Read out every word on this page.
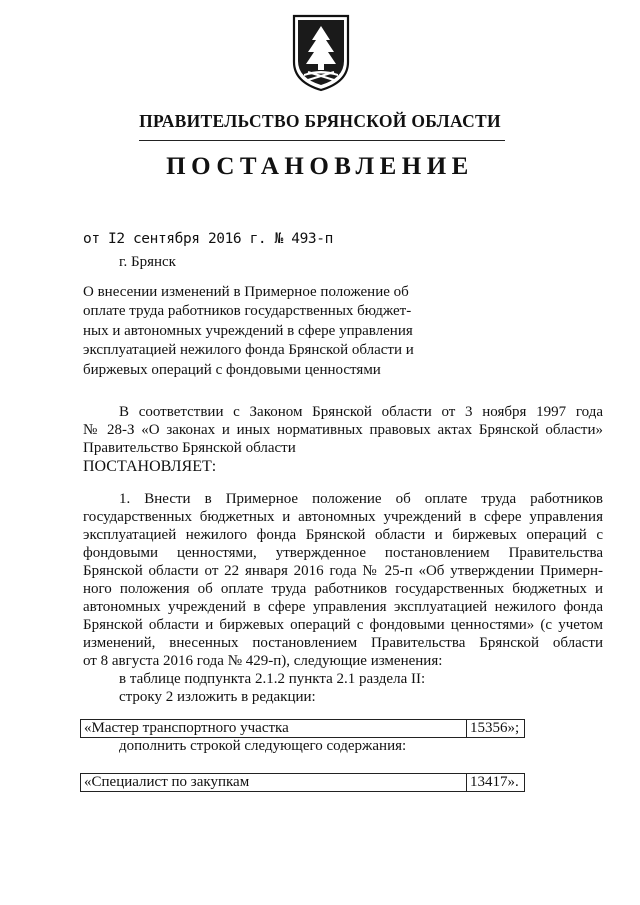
ПРАВИТЕЛЬСТВО БРЯНСКОЙ ОБЛАСТИ
ПОСТАНОВЛЕНИЕ
от I2 сентября 2016 г. № 493-п
г. Брянск
О внесении изменений в Примерное положение об
оплате труда работников государственных бюджет-
ных и автономных учреждений в сфере управления
эксплуатацией нежилого фонда Брянской области и
биржевых операций с фондовыми ценностями
В соответствии с Законом Брянской области от 3 ноября 1997 года
№ 28-З «О законах и иных нормативных правовых актах Брянской области»
Правительство Брянской области
ПОСТАНОВЛЯЕТ:
1. Внести в Примерное положение об оплате труда работников
государственных бюджетных и автономных учреждений в сфере управления
эксплуатацией нежилого фонда Брянской области и биржевых операций с
фондовыми ценностями, утвержденное постановлением Правительства
Брянской области от 22 января 2016 года № 25-п «Об утверждении Примерн-
ного положения об оплате труда работников государственных бюджетных и
автономных учреждений в сфере управления эксплуатацией нежилого фонда
Брянской области и биржевых операций с фондовыми ценностями» (с учетом
изменений, внесенных постановлением Правительства Брянской области
от 8 августа 2016 года № 429-п), следующие изменения:
в таблице подпункта 2.1.2 пункта 2.1 раздела II:
строку 2 изложить в редакции:
«Мастер транспортного участка	15356»;
дополнить строкой следующего содержания:
«Специалист по закупкам	13417».
